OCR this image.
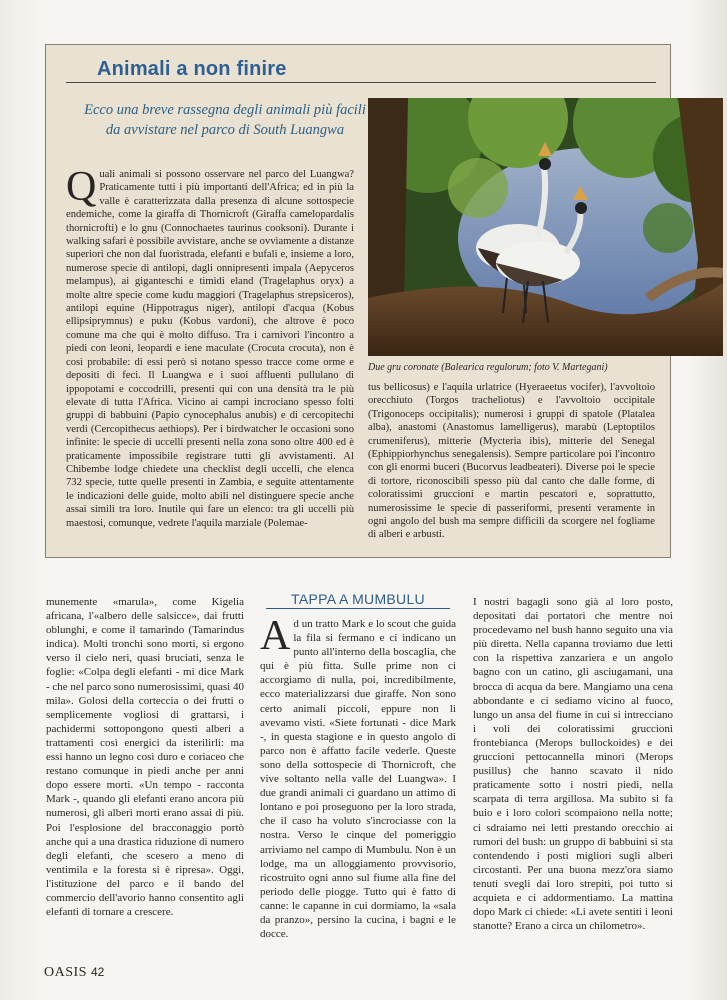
Animali a non finire
Ecco una breve rassegna degli animali più facili da avvistare nel parco di South Luangwa
Due gru coronate (Balearica regulorum; foto V. Martegani)
Quali animali si possono osservare nel parco del Luangwa? Praticamente tutti i più importanti dell'Africa; ed in più la valle è caratterizzata dalla presenza di alcune sottospecie endemiche, come la giraffa di Thornicroft (Giraffa camelopardalis thornicrofti) e lo gnu (Connochaetes taurinus cooksoni). Durante i walking safari è possibile avvistare, anche se ovviamente a distanze superiori che non dal fuoristrada, elefanti e bufali e, insieme a loro, numerose specie di antilopi, dagli onnipresenti impala (Aepyceros melampus), ai giganteschi e timidi eland (Tragelaphus oryx) a molte altre specie come kudu maggiori (Tragelaphus strepsiceros), antilopi equine (Hippotragus niger), antilopi d'acqua (Kobus ellipsiprymnus) e puku (Kobus vardoni), che altrove è poco comune ma che qui è molto diffuso. Tra i carnivori l'incontro a piedi con leoni, leopardi e iene maculate (Crocuta crocuta), non è così probabile: di essi però si notano spesso tracce come orme e depositi di feci. Il Luangwa e i suoi affluenti pullulano di ippopotami e coccodrilli, presenti qui con una densità tra le più elevate di tutta l'Africa. Vicino ai campi incrociano spesso folti gruppi di babbuini (Papio cynocephalus anubis) e di cercopitechi verdi (Cercopithecus aethiops). Per i birdwatcher le occasioni sono infinite: le specie di uccelli presenti nella zona sono oltre 400 ed è praticamente impossibile registrare tutti gli avvistamenti. Al Chibembe lodge chiedete una checklist degli uccelli, che elenca 732 specie, tutte quelle presenti in Zambia, e seguite attentamente le indicazioni delle guide, molto abili nel distinguere specie anche assai simili tra loro. Inutile qui fare un elenco: tra gli uccelli più maestosi, comunque, vedrete l'aquila marziale (Polemae-

tus bellicosus) e l'aquila urlatrice (Hyeraeetus vocifer), l'avvoltoio orecchiuto (Torgos tracheliotus) e l'avvoltoio occipitale (Trigonoceps occipitalis); numerosi i gruppi di spatole (Platalea alba), anastomi (Anastomus lamelligerus), marabù (Leptoptilos crumeniferus), mitterie (Mycteria ibis), mitterie del Senegal (Ephippiorhynchus senegalensis). Sempre particolare poi l'incontro con gli enormi buceri (Bucorvus leadbeateri). Diverse poi le specie di tortore, riconoscibili spesso più dal canto che dalle forme, di coloratissimi gruccioni e martin pescatori e, soprattutto, numerosissime le specie di passeriformi, presenti veramente in ogni angolo del bush ma sempre difficili da scorgere nel fogliame di alberi e arbusti.

munemente «marula», come Kigelia africana, l'«albero delle salsicce», dai frutti oblunghi, e come il tamarindo (Tamarindus indica). Molti tronchi sono morti, si ergono verso il cielo neri, quasi bruciati, senza le foglie: «Colpa degli elefanti - mi dice Mark - che nel parco sono numerosissimi, quasi 40 mila». Golosi della corteccia o dei frutti o semplicemente vogliosi di grattarsi, i pachidermi sottopongono questi alberi a trattamenti così energici da isterilirli: ma essi hanno un legno così duro e coriaceo che restano comunque in piedi anche per anni dopo essere morti. «Un tempo - racconta Mark -, quando gli elefanti erano ancora più numerosi, gli alberi morti erano assai di più. Poi l'esplosione del bracconaggio portò anche qui a una drastica riduzione di numero degli elefanti, che scesero a meno di ventimila e la foresta si è ripresa». Oggi, l'istituzione del parco e il bando del commercio dell'avorio hanno consentito agli elefanti di tornare a crescere.

TAPPA A MUMBULU
Ad un tratto Mark e lo scout che guida la fila si fermano e ci indicano un punto all'interno della boscaglia, che qui è più fitta. Sulle prime non ci accorgiamo di nulla, poi, incredibilmente, ecco materializzarsi due giraffe. Non sono certo animali piccoli, eppure non li avevamo visti. «Siete fortunati - dice Mark -, in questa stagione e in questo angolo di parco non è affatto facile vederle. Queste sono della sottospecie di Thornicroft, che vive soltanto nella valle del Luangwa». I due grandi animali ci guardano un attimo di lontano e poi proseguono per la loro strada, che il caso ha voluto s'incrociasse con la nostra. Verso le cinque del pomeriggio arriviamo nel campo di Mumbulu. Non è un lodge, ma un alloggiamento provvisorio, ricostruito ogni anno sul fiume alla fine del periodo delle piogge. Tutto qui è fatto di canne: le capanne in cui dormiamo, la «sala da pranzo», persino la cucina, i bagni e le docce.

I nostri bagagli sono già al loro posto, depositati dai portatori che mentre noi procedevamo nel bush hanno seguito una via più diretta. Nella capanna troviamo due letti con la rispettiva zanzariera e un angolo bagno con un catino, gli asciugamani, una brocca di acqua da bere. Mangiamo una cena abbondante e ci sediamo vicino al fuoco, lungo un ansa del fiume in cui si intrecciano i voli dei coloratissimi gruccioni frontebianca (Merops bullockoides) e dei gruccioni pettocannella minori (Merops pusillus) che hanno scavato il nido praticamente sotto i nostri piedi, nella scarpata di terra argillosa. Ma subito si fa buio e i loro colori scompaiono nella notte; ci sdraiamo nei letti prestando orecchio ai rumori del bush: un gruppo di babbuini si sta contendendo i posti migliori sugli alberi circostanti. Per una buona mezz'ora siamo tenuti svegli dai loro strepiti, poi tutto si acquieta e ci addormentiamo. La mattina dopo Mark ci chiede: «Li avete sentiti i leoni stanotte? Erano a circa un chilometro».

OASIS 42
